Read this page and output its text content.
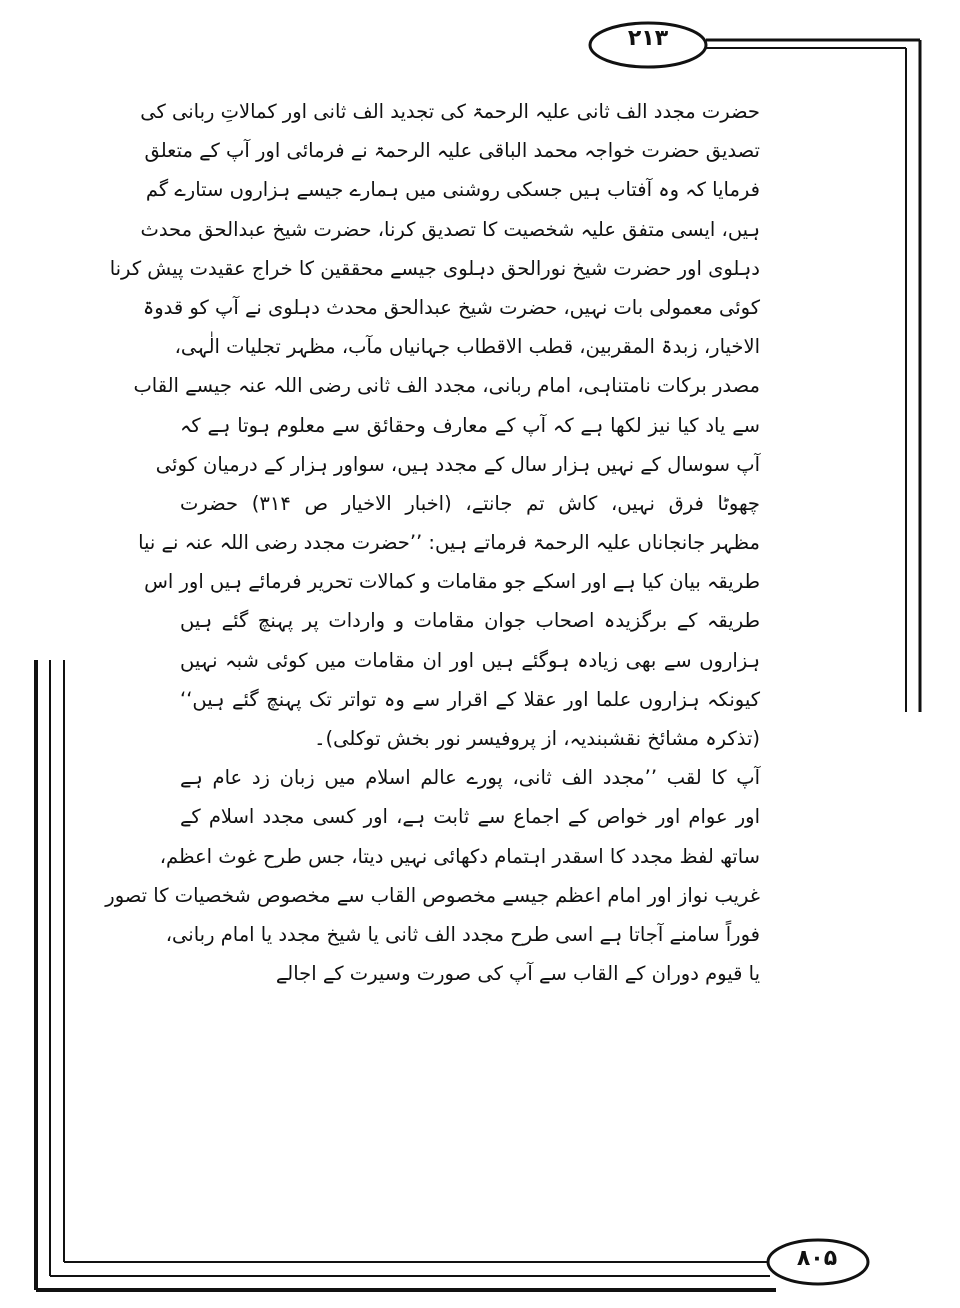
۲۱۳
۸۰۵
حضرت مجدد الف ثانی علیہ الرحمۃ کی تجدید الف ثانی اور کمالاتِ ربانی کی
تصدیق حضرت خواجہ محمد الباقی علیہ الرحمۃ نے فرمائی اور آپ کے متعلق
فرمایا کہ وہ آفتاب ہیں جسکی روشنی میں ہمارے جیسے ہزاروں ستارے گم
ہیں، ایسی متفق علیہ شخصیت کا تصدیق کرنا، حضرت شیخ عبدالحق محدث
دہلوی اور حضرت شیخ نورالحق دہلوی جیسے محققین کا خراج عقیدت پیش کرنا
کوئی معمولی بات نہیں، حضرت شیخ عبدالحق محدث دہلوی نے آپ کو قدوۃ
الاخیار، زبدۃ المقربین، قطب الاقطاب جہانیاں مآب، مظہر تجلیات الٰہی،
مصدر برکات نامتناہی، امام ربانی، مجدد الف ثانی رضی اللہ عنہ جیسے القاب
سے یاد کیا نیز لکھا ہے کہ آپ کے معارف وحقائق سے معلوم ہوتا ہے کہ
آپ سوسال کے نہیں ہزار سال کے مجدد ہیں، سواور ہزار کے درمیان کوئی
چھوٹا فرق نہیں، کاش تم جانتے، (اخبار الاخیار ص ۳۱۴) حضرت
مظہر جانجاناں علیہ الرحمۃ فرماتے ہیں: ’’حضرت مجدد رضی اللہ عنہ نے نیا
طریقہ بیان کیا ہے اور اسکے جو مقامات و کمالات تحریر فرمائے ہیں اور اس
طریقہ کے برگزیدہ اصحاب جوان مقامات و واردات پر پہنچ گئے ہیں
ہزاروں سے بھی زیادہ ہوگئے ہیں اور ان مقامات میں کوئی شبہ نہیں
کیونکہ ہزاروں علما اور عقلا کے اقرار سے وہ تواتر تک پہنچ گئے ہیں‘‘
(تذکرہ مشائخ نقشبندیہ، از پروفیسر نور بخش توکلی)۔
آپ کا لقب ’’مجدد الف ثانی، پورے عالم اسلام میں زبان زد عام ہے
اور عوام اور خواص کے اجماع سے ثابت ہے، اور کسی مجدد اسلام کے
ساتھ لفظ مجدد کا اسقدر اہتمام دکھائی نہیں دیتا، جس طرح غوث اعظم،
غریب نواز اور امام اعظم جیسے مخصوص القاب سے مخصوص شخصیات کا تصور
فوراً سامنے آجاتا ہے اسی طرح مجدد الف ثانی یا شیخ مجدد یا امام ربانی،
یا قیوم دوران کے القاب سے آپ کی صورت وسیرت کے اجالے
